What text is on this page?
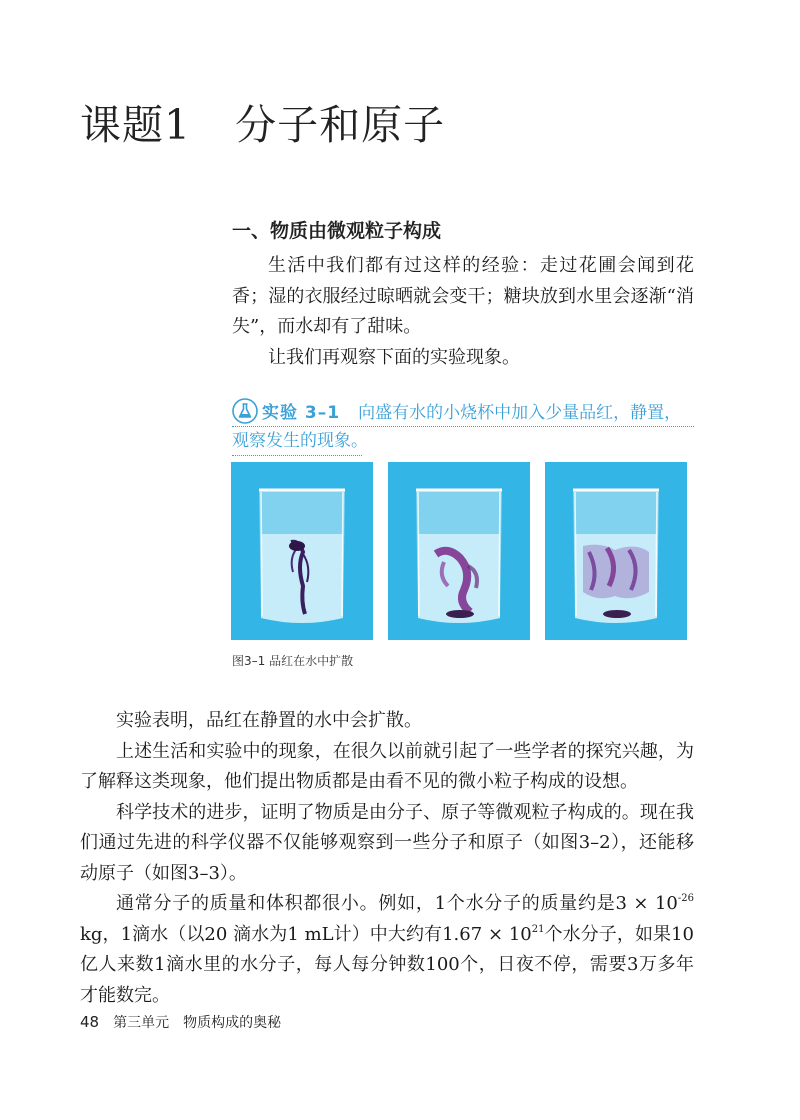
课题1 分子和原子
一、物质由微观粒子构成

生活中我们都有过这样的经验：走过花圃会闻到花香；湿的衣服经过晾晒就会变干；糖块放到水里会逐渐“消失”，而水却有了甜味。

让我们再观察下面的实验现象。

实验 3–1 向盛有水的小烧杯中加入少量品红，静置，
观察发生的现象。
图3–1 品红在水中扩散

实验表明，品红在静置的水中会扩散。

上述生活和实验中的现象，在很久以前就引起了一些学者的探究兴趣，为了解释这类现象，他们提出物质都是由看不见的微小粒子构成的设想。

科学技术的进步，证明了物质是由分子、原子等微观粒子构成的。现在我们通过先进的科学仪器不仅能够观察到一些分子和原子（如图3–2），还能移动原子（如图3–3）。

通常分子的质量和体积都很小。例如，1个水分子的质量约是$3 \times 10^{-26}$ kg，1滴水（以20 滴水为1 mL计）中大约有$1.67 \times 10^{21}$个水分子，如果10亿人来数1滴水里的水分子，每人每分钟数100个，日夜不停，需要3万多年才能数完。

48 第三单元 物质构成的奥秘
